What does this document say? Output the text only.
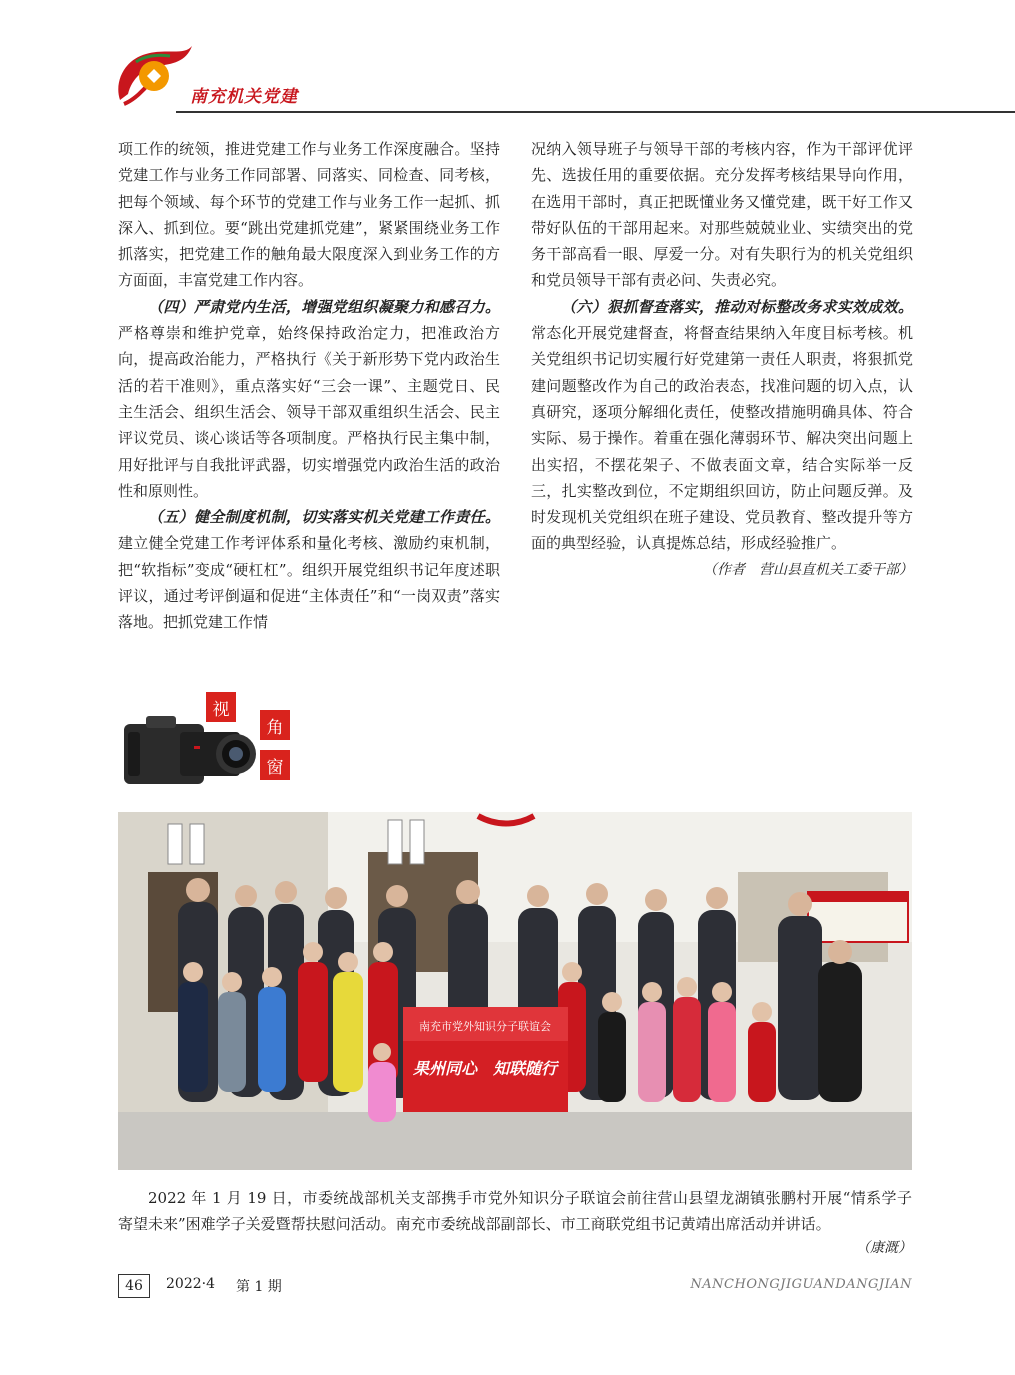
南充机关党建

项工作的统领，推进党建工作与业务工作深度融合。坚持党建工作与业务工作同部署、同落实、同检查、同考核，把每个领域、每个环节的党建工作与业务工作一起抓、抓深入、抓到位。要“跳出党建抓党建”，紧紧围绕业务工作抓落实，把党建工作的触角最大限度深入到业务工作的方方面面，丰富党建工作内容。

（四）严肃党内生活，增强党组织凝聚力和感召力。严格尊崇和维护党章，始终保持政治定力，把准政治方向，提高政治能力，严格执行《关于新形势下党内政治生活的若干准则》，重点落实好“三会一课”、主题党日、民主生活会、组织生活会、领导干部双重组织生活会、民主评议党员、谈心谈话等各项制度。严格执行民主集中制，用好批评与自我批评武器，切实增强党内政治生活的政治性和原则性。

（五）健全制度机制，切实落实机关党建工作责任。建立健全党建工作考评体系和量化考核、激励约束机制，把“软指标”变成“硬杠杠”。组织开展党组织书记年度述职评议，通过考评倒逼和促进“主体责任”和“一岗双责”落实落地。把抓党建工作情

况纳入领导班子与领导干部的考核内容，作为干部评优评先、选拔任用的重要依据。充分发挥考核结果导向作用，在选用干部时，真正把既懂业务又懂党建，既干好工作又带好队伍的干部用起来。对那些兢兢业业、实绩突出的党务干部高看一眼、厚爱一分。对有失职行为的机关党组织和党员领导干部有责必问、失责必究。

（六）狠抓督查落实，推动对标整改务求实效成效。常态化开展党建督查，将督查结果纳入年度目标考核。机关党组织书记切实履行好党建第一责任人职责，将狠抓党建问题整改作为自己的政治表态，找准问题的切入点，认真研究，逐项分解细化责任，使整改措施明确具体、符合实际、易于操作。着重在强化薄弱环节、解决突出问题上出实招，不摆花架子、不做表面文章，结合实际举一反三，扎实整改到位，不定期组织回访，防止问题反弹。及时发现机关党组织在班子建设、党员教育、整改提升等方面的典型经验，认真提炼总结，形成经验推广。

（作者　营山县直机关工委干部）

视
角
窗
南充市党外知识分子联谊会
果州同心　知联随行
2022 年 1 月 19 日，市委统战部机关支部携手市党外知识分子联谊会前往营山县望龙湖镇张鹏村开展“情系学子　寄望未来”困难学子关爱暨帮扶慰问活动。南充市委统战部副部长、市工商联党组书记黄靖出席活动并讲话。
（康溉）
46	2022·4 第 1 期	NANCHONGJIGUANDANGJIAN
